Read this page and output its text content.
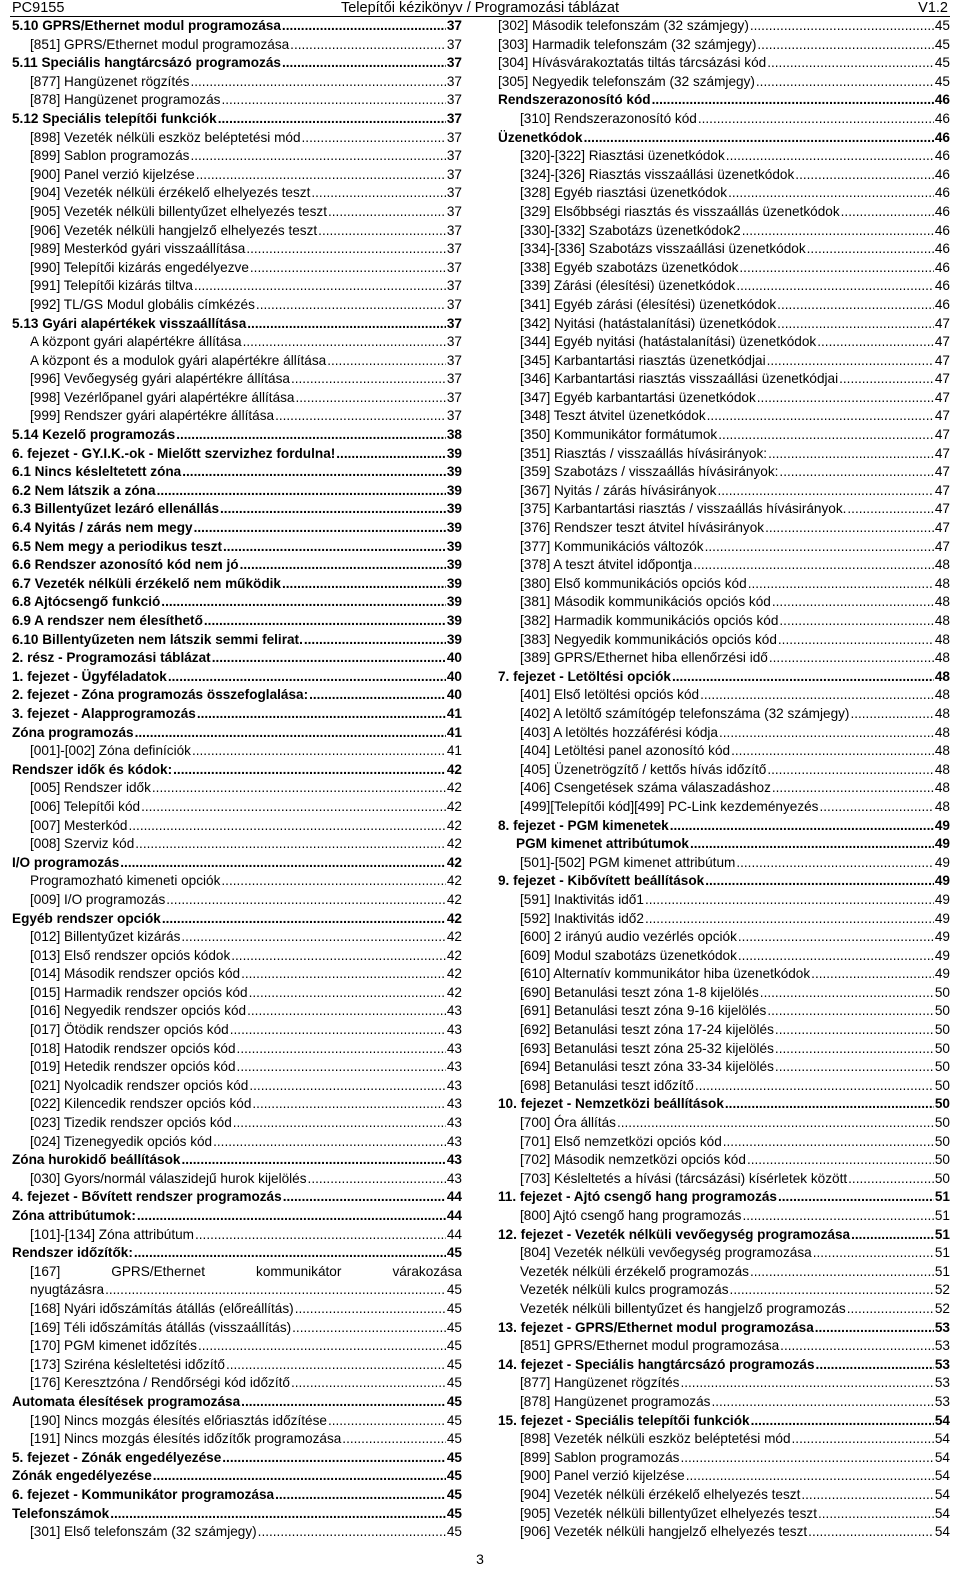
Telepítői kézikönyv / Programozási táblázat
PC9155	V1.2
5.10 GPRS/Ethernet modul programozása .....	37
[851] GPRS/Ethernet modul programozása .....	37
5.11 Speciális hangtárcsázó programozás .....	37
[877] Hangüzenet rögzítés .....	37
[878] Hangüzenet programozás .....	37
5.12 Speciális telepítői funkciók .....	37
[898] Vezeték nélküli eszköz beléptetési mód .....	37
[899] Sablon programozás .....	37
[900] Panel verzió kijelzése .....	37
[904] Vezeték nélküli érzékelő elhelyezés teszt .....	37
[905] Vezeték nélküli billentyűzet elhelyezés teszt .....	37
[906] Vezeték nélküli hangjelző elhelyezés teszt .....	37
[989] Mesterkód gyári visszaállítása .....	37
[990] Telepítői kizárás engedélyezve .....	37
[991] Telepítői kizárás tiltva .....	37
[992] TL/GS Modul globális címkézés .....	37
5.13 Gyári alapértékek visszaállítása .....	37
A központ gyári alapértékre állítása .....	37
A központ és a modulok gyári alapértékre állítása .....	37
[996] Vevőegység gyári alapértékre állítása .....	37
[998] Vezérlőpanel gyári alapértékre állítása .....	37
[999] Rendszer gyári alapértékre állítása .....	37
5.14 Kezelő programozás .....	38
6. fejezet - GY.I.K.-ok - Mielőtt szervizhez fordulna! .....	39
6.1 Nincs késleltetett zóna .....	39
6.2 Nem látszik a zóna .....	39
6.3 Billentyűzet lezáró ellenállás .....	39
6.4 Nyitás / zárás nem megy .....	39
6.5 Nem megy a periodikus teszt .....	39
6.6 Rendszer azonosító kód nem jó .....	39
6.7 Vezeték nélküli érzékelő nem működik .....	39
6.8 Ajtócsengő funkció .....	39
6.9 A rendszer nem élesíthető .....	39
6.10 Billentyűzeten nem látszik semmi felirat. .....	39
2. rész - Programozási táblázat .....	40
1. fejezet - Ügyféladatok .....	40
2. fejezet - Zóna programozás összefoglalása: .....	40
3. fejezet - Alapprogramozás .....	41
Zóna programozás .....	41
[001]-[002] Zóna definíciók .....	41
Rendszer idők és kódok: .....	42
[005] Rendszer idők .....	42
[006] Telepítői kód .....	42
[007] Mesterkód .....	42
[008] Szerviz kód .....	42
I/O programozás .....	42
Programozható kimeneti opciók .....	42
[009] I/O programozás .....	42
Egyéb rendszer opciók .....	42
[012] Billentyűzet kizárás .....	42
[013] Első rendszer opciós kódok .....	42
[014] Második rendszer opciós kód .....	42
[015] Harmadik rendszer opciós kód .....	42
[016] Negyedik rendszer opciós kód .....	43
[017] Ötödik rendszer opciós kód .....	43
[018] Hatodik rendszer opciós kód .....	43
[019] Hetedik rendszer opciós kód .....	43
[021] Nyolcadik rendszer opciós kód .....	43
[022] Kilencedik rendszer opciós kód .....	43
[023] Tizedik rendszer opciós kód .....	43
[024] Tizenegyedik opciós kód .....	43
Zóna hurokidő beállítások .....	43
[030] Gyors/normál válaszidejű hurok kijelölés .....	43
4. fejezet - Bővített rendszer programozás .....	44
Zóna attribútumok: .....	44
[101]-[134] Zóna attribútum .....	44
Rendszer időzítők: .....	45
[167]	GPRS/Ethernet	kommunikátor	várakozása
nyugtázásra .....	45
[168] Nyári időszámítás átállás (előreállítás) .....	45
[169] Téli időszámítás átállás (visszaállítás) .....	45
[170] PGM kimenet időzítés .....	45
[173] Sziréna késleltetési időzítő .....	45
[176] Keresztzóna / Rendőrségi kód időzítő .....	45
Automata élesítések programozása .....	45
[190] Nincs mozgás élesítés előriasztás időzítése .....	45
[191] Nincs mozgás élesítés időzítők programozása .....	45
5. fejezet - Zónák engedélyezése .....	45
Zónák engedélyezése .....	45
6. fejezet - Kommunikátor programozása .....	45
Telefonszámok .....	45
[301] Első telefonszám (32 számjegy) .....	45
[302] Második telefonszám (32 számjegy) .....	45
[303] Harmadik telefonszám (32 számjegy) .....	45
[304] Hívásvárakoztatás tiltás tárcsázási kód .....	45
[305] Negyedik telefonszám (32 számjegy) .....	45
Rendszerazonosító kód .....	46
[310] Rendszerazonosító kód .....	46
Üzenetkódok .....	46
[320]-[322] Riasztási üzenetkódok .....	46
[324]-[326] Riasztás visszaállási üzenetkódok .....	46
[328] Egyéb riasztási üzenetkódok .....	46
[329] Elsőbbségi riasztás és visszaállás üzenetkódok .....	46
[330]-[332] Szabotázs üzenetkódok2 .....	46
[334]-[336] Szabotázs visszaállási üzenetkódok .....	46
[338] Egyéb szabotázs üzenetkódok .....	46
[339] Zárási (élesítési) üzenetkódok .....	46
[341] Egyéb zárási (élesítési) üzenetkódok .....	46
[342] Nyitási (hatástalanítási) üzenetkódok .....	47
[344] Egyéb nyitási (hatástalanítási) üzenetkódok .....	47
[345] Karbantartási riasztás üzenetkódjai .....	47
[346] Karbantartási riasztás visszaállási üzenetkódjai .....	47
[347] Egyéb karbantartási üzenetkódok .....	47
[348] Teszt átvitel üzenetkódok .....	47
[350] Kommunikátor formátumok .....	47
[351] Riasztás / visszaállás hívásirányok: .....	47
[359] Szabotázs / visszaállás hívásirányok: .....	47
[367] Nyitás / zárás hívásirányok .....	47
[375] Karbantartási riasztás / visszaállás hívásirányok. .....	47
[376] Rendszer teszt átvitel hívásirányok .....	47
[377] Kommunikációs változók .....	47
[378] A teszt átvitel időpontja .....	48
[380] Első kommunikációs opciós kód .....	48
[381] Második kommunikációs opciós kód .....	48
[382] Harmadik kommunikációs opciós kód .....	48
[383] Negyedik kommunikációs opciós kód .....	48
[389] GPRS/Ethernet hiba ellenőrzési idő .....	48
7. fejezet - Letöltési opciók .....	48
[401] Első letöltési opciós kód .....	48
[402] A letöltő számítógép telefonszáma (32 számjegy) .....	48
[403] A letöltés hozzáférési kódja .....	48
[404] Letöltési panel azonosító kód .....	48
[405] Üzenetrögzítő / kettős hívás időzítő .....	48
[406] Csengetések száma válaszadáshoz .....	48
[499][Telepítői kód][499] PC-Link kezdeményezés .....	48
8. fejezet - PGM kimenetek .....	49
PGM kimenet attribútumok .....	49
[501]-[502] PGM kimenet attribútum .....	49
9. fejezet - Kibővített beállítások .....	49
[591] Inaktivitás idő1 .....	49
[592] Inaktivitás idő2 .....	49
[600] 2 irányú audio vezérlés opciók .....	49
[609] Modul szabotázs üzenetkódok .....	49
[610] Alternatív kommunikátor hiba üzenetkódok .....	49
[690] Betanulási teszt zóna 1-8 kijelölés .....	50
[691] Betanulási teszt zóna 9-16 kijelölés .....	50
[692] Betanulási teszt zóna 17-24 kijelölés .....	50
[693] Betanulási teszt zóna 25-32 kijelölés .....	50
[694] Betanulási teszt zóna 33-34 kijelölés .....	50
[698] Betanulási teszt időzítő .....	50
10. fejezet - Nemzetközi beállítások .....	50
[700] Óra állítás .....	50
[701] Első nemzetközi opciós kód .....	50
[702] Második nemzetközi opciós kód .....	50
[703] Késleltetés a hívási (tárcsázási) kísérletek között .....	50
11. fejezet - Ajtó csengő hang programozás .....	51
[800] Ajtó csengő hang programozás .....	51
12. fejezet - Vezeték nélküli vevőegység programozása .....	51
[804] Vezeték nélküli vevőegység programozása .....	51
Vezeték nélküli érzékelő programozás .....	51
Vezeték nélküli kulcs programozás .....	52
Vezeték nélküli billentyűzet és hangjelző programozás .....	52
13. fejezet - GPRS/Ethernet modul programozása .....	53
[851] GPRS/Ethernet modul programozása .....	53
14. fejezet - Speciális hangtárcsázó programozás .....	53
[877] Hangüzenet rögzítés .....	53
[878] Hangüzenet programozás .....	53
15. fejezet - Speciális telepítői funkciók .....	54
[898] Vezeték nélküli eszköz beléptetési mód .....	54
[899] Sablon programozás .....	54
[900] Panel verzió kijelzése .....	54
[904] Vezeték nélküli érzékelő elhelyezés teszt .....	54
[905] Vezeték nélküli billentyűzet elhelyezés teszt .....	54
[906] Vezeték nélküli hangjelző elhelyezés teszt .....	54
3
